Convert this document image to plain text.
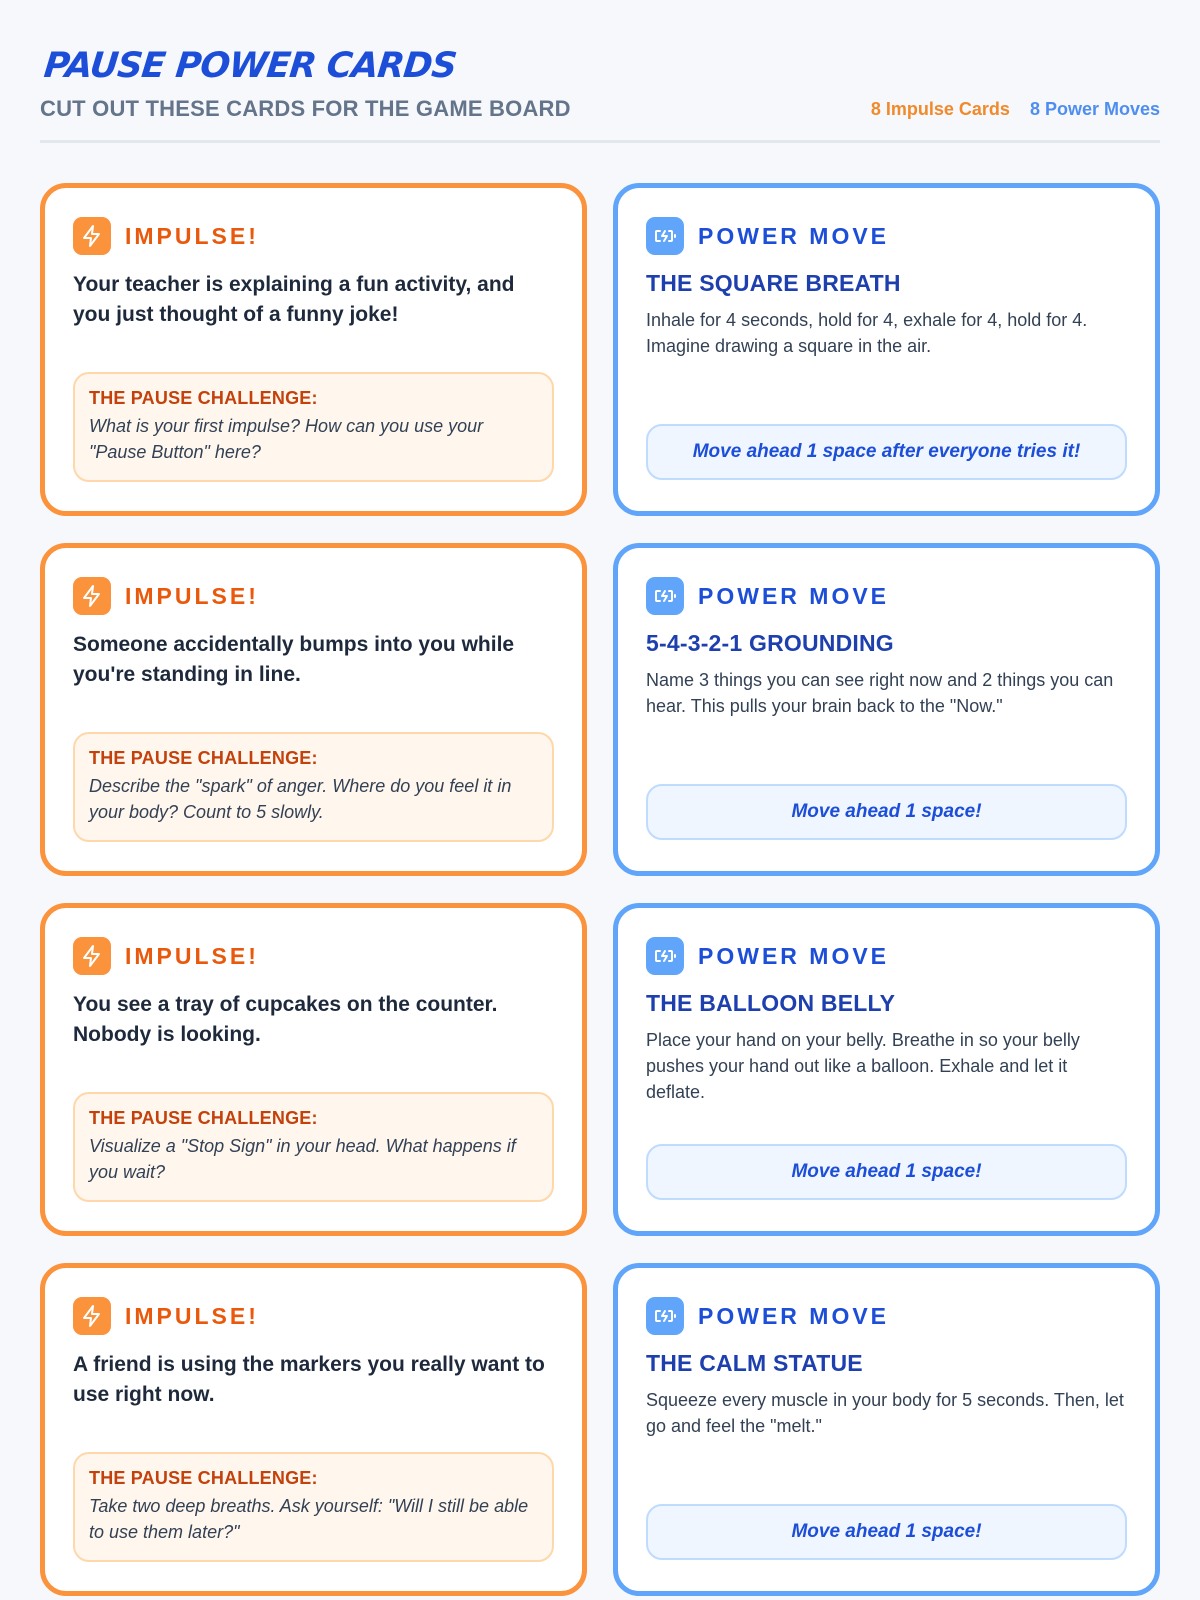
PAUSE POWER CARDS
CUT OUT THESE CARDS FOR THE GAME BOARD	8 Impulse Cards 8 Power Moves
IMPULSE!
Your teacher is explaining a fun activity, and you just thought of a funny joke!
THE PAUSE CHALLENGE:
What is your first impulse? How can you use your "Pause Button" here?
POWER MOVE
THE SQUARE BREATH
Inhale for 4 seconds, hold for 4, exhale for 4, hold for 4. Imagine drawing a square in the air.
Move ahead 1 space after everyone tries it!
IMPULSE!
Someone accidentally bumps into you while you're standing in line.
THE PAUSE CHALLENGE:
Describe the "spark" of anger. Where do you feel it in your body? Count to 5 slowly.
POWER MOVE
5-4-3-2-1 GROUNDING
Name 3 things you can see right now and 2 things you can hear. This pulls your brain back to the "Now."
Move ahead 1 space!
IMPULSE!
You see a tray of cupcakes on the counter. Nobody is looking.
THE PAUSE CHALLENGE:
Visualize a "Stop Sign" in your head. What happens if you wait?
POWER MOVE
THE BALLOON BELLY
Place your hand on your belly. Breathe in so your belly pushes your hand out like a balloon. Exhale and let it deflate.
Move ahead 1 space!
IMPULSE!
A friend is using the markers you really want to use right now.
THE PAUSE CHALLENGE:
Take two deep breaths. Ask yourself: "Will I still be able to use them later?"
POWER MOVE
THE CALM STATUE
Squeeze every muscle in your body for 5 seconds. Then, let go and feel the "melt."
Move ahead 1 space!
